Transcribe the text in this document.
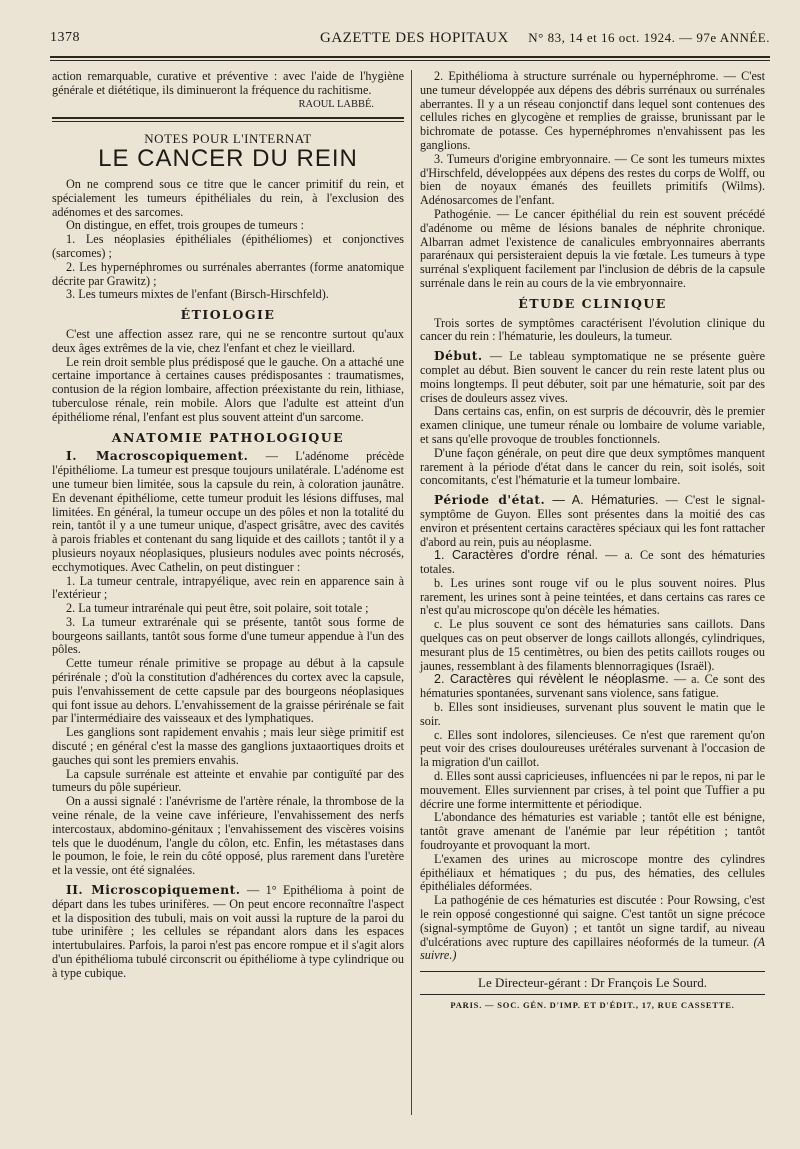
1378	GAZETTE DES HOPITAUX N° 83, 14 et 16 oct. 1924. — 97e ANNÉE.

action remarquable, curative et préventive : avec l'aide de l'hygiène générale et diététique, ils diminueront la fréquence du rachitisme.

RAOUL LABBÉ.
NOTES POUR L'INTERNAT
LE CANCER DU REIN

On ne comprend sous ce titre que le cancer primitif du rein, et spécialement les tumeurs épithéliales du rein, à l'exclusion des adénomes et des sarcomes.

On distingue, en effet, trois groupes de tumeurs :

1. Les néoplasies épithéliales (épithéliomes) et conjonctives (sarcomes) ;

2. Les hypernéphromes ou surrénales aberrantes (forme anatomique décrite par Grawitz) ;

3. Les tumeurs mixtes de l'enfant (Birsch-Hirschfeld).

ÉTIOLOGIE

C'est une affection assez rare, qui ne se rencontre surtout qu'aux deux âges extrêmes de la vie, chez l'enfant et chez le vieillard.

Le rein droit semble plus prédisposé que le gauche. On a attaché une certaine importance à certaines causes prédisposantes : traumatismes, contusion de la région lombaire, affection préexistante du rein, lithiase, tuberculose rénale, rein mobile. Alors que l'adulte est atteint d'un épithéliome rénal, l'enfant est plus souvent atteint d'un sarcome.

ANATOMIE PATHOLOGIQUE

I. Macroscopiquement. — L'adénome précède l'épithéliome. La tumeur est presque toujours unilatérale. L'adénome est une tumeur bien limitée, sous la capsule du rein, à coloration jaunâtre. En devenant épithéliome, cette tumeur produit les lésions diffuses, mal limitées. En général, la tumeur occupe un des pôles et non la totalité du rein, tantôt il y a une tumeur unique, d'aspect grisâtre, avec des cavités à parois friables et contenant du sang liquide et des caillots ; tantôt il y a plusieurs noyaux néoplasiques, plusieurs nodules avec points nécrosés, ecchymotiques. Avec Cathelin, on peut distinguer :

1. La tumeur centrale, intrapyélique, avec rein en apparence sain à l'extérieur ;

2. La tumeur intrarénale qui peut être, soit polaire, soit totale ;

3. La tumeur extrarénale qui se présente, tantôt sous forme de bourgeons saillants, tantôt sous forme d'une tumeur appendue à l'un des pôles.

Cette tumeur rénale primitive se propage au début à la capsule périrénale ; d'où la constitution d'adhérences du cortex avec la capsule, puis l'envahissement de cette capsule par des bourgeons néoplasiques qui font issue au dehors. L'envahissement de la graisse périrénale se fait par l'intermédiaire des vaisseaux et des lymphatiques.

Les ganglions sont rapidement envahis ; mais leur siège primitif est discuté ; en général c'est la masse des ganglions juxtaaortiques droits et gauches qui sont les premiers envahis.

La capsule surrénale est atteinte et envahie par contiguïté par des tumeurs du pôle supérieur.

On a aussi signalé : l'anévrisme de l'artère rénale, la thrombose de la veine rénale, de la veine cave inférieure, l'envahissement des nerfs intercostaux, abdomino-génitaux ; l'envahissement des viscères voisins tels que le duodénum, l'angle du côlon, etc. Enfin, les métastases dans le poumon, le foie, le rein du côté opposé, plus rarement dans l'uretère et la vessie, ont été signalées.

II. Microscopiquement. — 1° Epithélioma à point de départ dans les tubes urinifères. — On peut encore reconnaître l'aspect et la disposition des tubuli, mais on voit aussi la rupture de la paroi du tube urinifère ; les cellules se répandant alors dans les espaces intertubulaires. Parfois, la paroi n'est pas encore rompue et il s'agit alors d'un épithélioma tubulé circonscrit ou épithéliome à type cylindrique ou à type cubique.

2. Epithélioma à structure surrénale ou hypernéphrome. — C'est une tumeur développée aux dépens des débris surrénaux ou surrénales aberrantes. Il y a un réseau conjonctif dans lequel sont contenues des cellules riches en glycogène et remplies de graisse, brunissant par le bichromate de potasse. Ces hypernéphromes n'envahissent pas les ganglions.

3. Tumeurs d'origine embryonnaire. — Ce sont les tumeurs mixtes d'Hirschfeld, développées aux dépens des restes du corps de Wolff, ou bien de noyaux émanés des feuillets primitifs (Wilms). Adénosarcomes de l'enfant.

Pathogénie. — Le cancer épithélial du rein est souvent précédé d'adénome ou même de lésions banales de néphrite chronique. Albarran admet l'existence de canalicules embryonnaires aberrants pararénaux qui persisteraient depuis la vie fœtale. Les tumeurs à type surrénal s'expliquent facilement par l'inclusion de débris de la capsule surrénale dans le rein au cours de la vie embryonnaire.

ÉTUDE CLINIQUE

Trois sortes de symptômes caractérisent l'évolution clinique du cancer du rein : l'hématurie, les douleurs, la tumeur.

Début. — Le tableau symptomatique ne se présente guère complet au début. Bien souvent le cancer du rein reste latent plus ou moins longtemps. Il peut débuter, soit par une hématurie, soit par des crises de douleurs assez vives.

Dans certains cas, enfin, on est surpris de découvrir, dès le premier examen clinique, une tumeur rénale ou lombaire de volume variable, et sans qu'elle provoque de troubles fonctionnels.

D'une façon générale, on peut dire que deux symptômes manquent rarement à la période d'état dans le cancer du rein, soit isolés, soit concomitants, c'est l'hématurie et la tumeur lombaire.

Période d'état. — A. Hématuries. — C'est le signal-symptôme de Guyon. Elles sont présentes dans la moitié des cas environ et présentent certains caractères spéciaux qui les font rattacher d'abord au rein, puis au néoplasme.

1. Caractères d'ordre rénal. — a. Ce sont des hématuries totales.

b. Les urines sont rouge vif ou le plus souvent noires. Plus rarement, les urines sont à peine teintées, et dans certains cas rares ce n'est qu'au microscope qu'on décèle les hématies.

c. Le plus souvent ce sont des hématuries sans caillots. Dans quelques cas on peut observer de longs caillots allongés, cylindriques, mesurant plus de 15 centimètres, ou bien des petits caillots rouges ou jaunes, ressemblant à des filaments blennorragiques (Israël).

2. Caractères qui révèlent le néoplasme. — a. Ce sont des hématuries spontanées, survenant sans violence, sans fatigue.

b. Elles sont insidieuses, survenant plus souvent le matin que le soir.

c. Elles sont indolores, silencieuses. Ce n'est que rarement qu'on peut voir des crises douloureuses urétérales survenant à l'occasion de la migration d'un caillot.

d. Elles sont aussi capricieuses, influencées ni par le repos, ni par le mouvement. Elles surviennent par crises, à tel point que Tuffier a pu décrire une forme intermittente et périodique.

L'abondance des hématuries est variable ; tantôt elle est bénigne, tantôt grave amenant de l'anémie par leur répétition ; tantôt foudroyante et provoquant la mort.

L'examen des urines au microscope montre des cylindres épithéliaux et hématiques ; du pus, des hématies, des cellules épithéliales déformées.

La pathogénie de ces hématuries est discutée : Pour Rowsing, c'est le rein opposé congestionné qui saigne. C'est tantôt un signe précoce (signal-symptôme de Guyon) ; et tantôt un signe tardif, au niveau d'ulcérations avec rupture des capillaires néoformés de la tumeur. (A suivre.)

Le Directeur-gérant : Dr François Le Sourd.
PARIS. — SOC. GÉN. D'IMP. ET D'ÉDIT., 17, RUE CASSETTE.
